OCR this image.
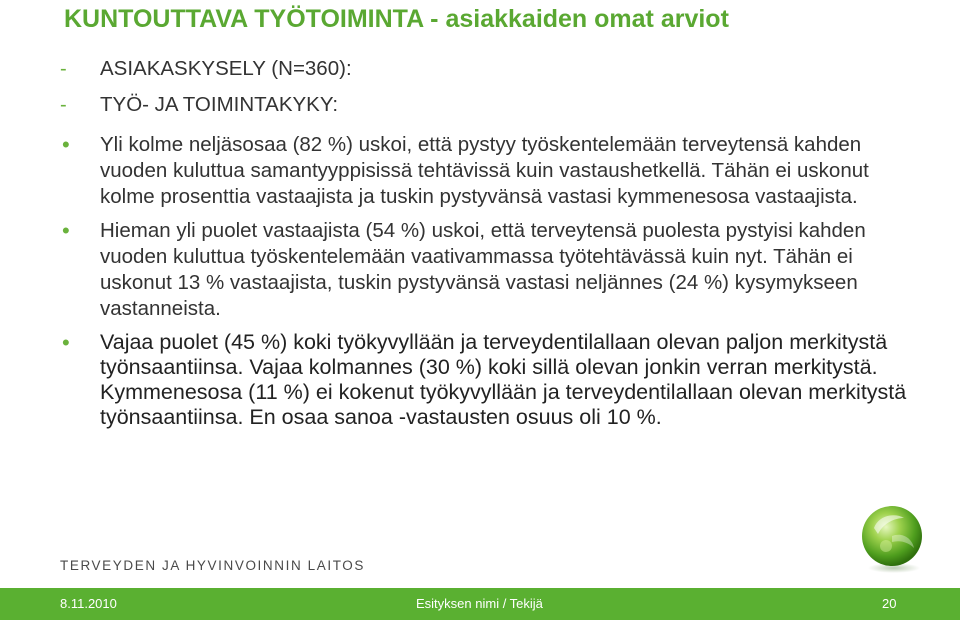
KUNTOUTTAVA TYÖTOIMINTA - asiakkaiden omat arviot
- ASIAKASKYSELY (N=360):
- TYÖ- JA TOIMINTAKYKY:
• Yli kolme neljäsosaa (82 %) uskoi, että pystyy työskentelemään terveytensä kahden vuoden kuluttua samantyyppisissä tehtävissä kuin vastaushetkellä. Tähän ei uskonut kolme prosenttia vastaajista ja tuskin pystyvänsä vastasi kymmenesosa vastaajista.
• Hieman yli puolet vastaajista (54 %) uskoi, että terveytensä puolesta pystyisi kahden vuoden kuluttua työskentelemään vaativammassa työtehtävässä kuin nyt. Tähän ei uskonut 13 % vastaajista, tuskin pystyvänsä vastasi neljännes (24 %) kysymykseen vastanneista.
• Vajaa puolet (45 %) koki työkyvyllään ja terveydentilallaan olevan paljon merkitystä työnsaantiinsa. Vajaa kolmannes (30 %) koki sillä olevan jonkin verran merkitystä. Kymmenesosa (11 %) ei kokenut työkyvyllään ja terveydentilallaan olevan merkitystä työnsaantiinsa. En osaa sanoa -vastausten osuus oli 10 %.
TERVEYDEN JA HYVINVOINNIN LAITOS
8.11.2010	Esityksen nimi / Tekijä	20
